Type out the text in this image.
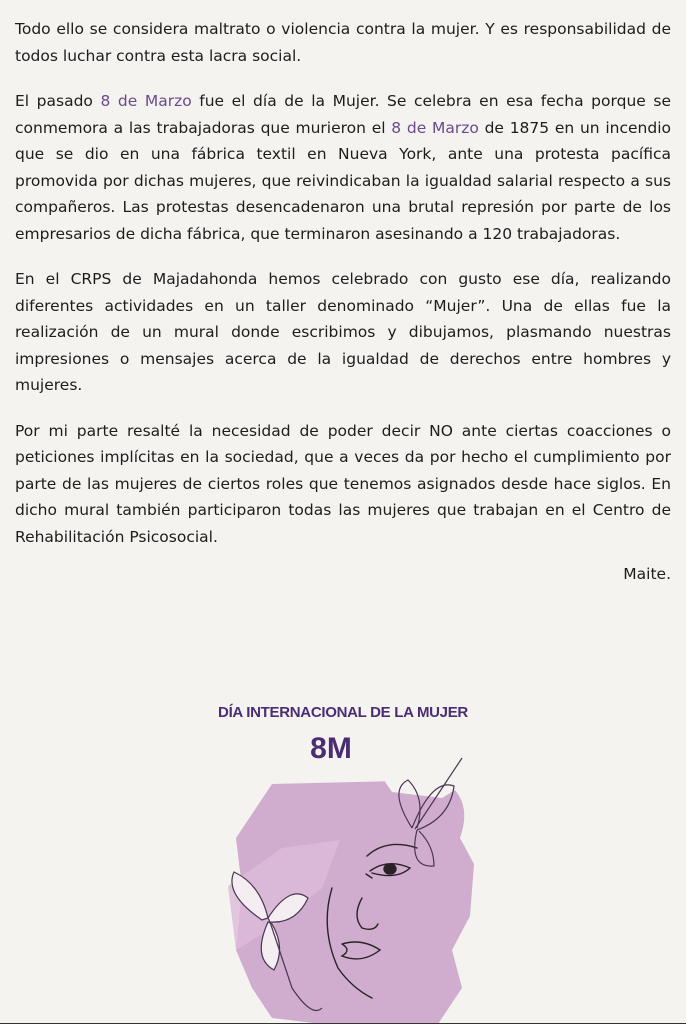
Todo ello se considera maltrato o violencia contra la mujer. Y es responsabilidad de todos luchar contra esta lacra social.

El pasado 8 de Marzo fue el día de la Mujer. Se celebra en esa fecha porque se conmemora a las trabajadoras que murieron el 8 de Marzo de 1875 en un incendio que se dio en una fábrica textil en Nueva York, ante una protesta pacífica promovida por dichas mujeres, que reivindicaban la igualdad salarial respecto a sus compañeros. Las protestas desencadenaron una brutal represión por parte de los empresarios de dicha fábrica, que terminaron asesinando a 120 trabajadoras.

En el CRPS de Majadahonda hemos celebrado con gusto ese día, realizando diferentes actividades en un taller denominado “Mujer”. Una de ellas fue la realización de un mural donde escribimos y dibujamos, plasmando nuestras impresiones o mensajes acerca de la igualdad de derechos entre hombres y mujeres.

Por mi parte resalté la necesidad de poder decir NO ante ciertas coacciones o peticiones implícitas en la sociedad, que a veces da por hecho el cumplimiento por parte de las mujeres de ciertos roles que tenemos asignados desde hace siglos. En dicho mural también participaron todas las mujeres que trabajan en el Centro de Rehabilitación Psicosocial.

Maite.

DÍA INTERNACIONAL DE LA MUJER
8M
